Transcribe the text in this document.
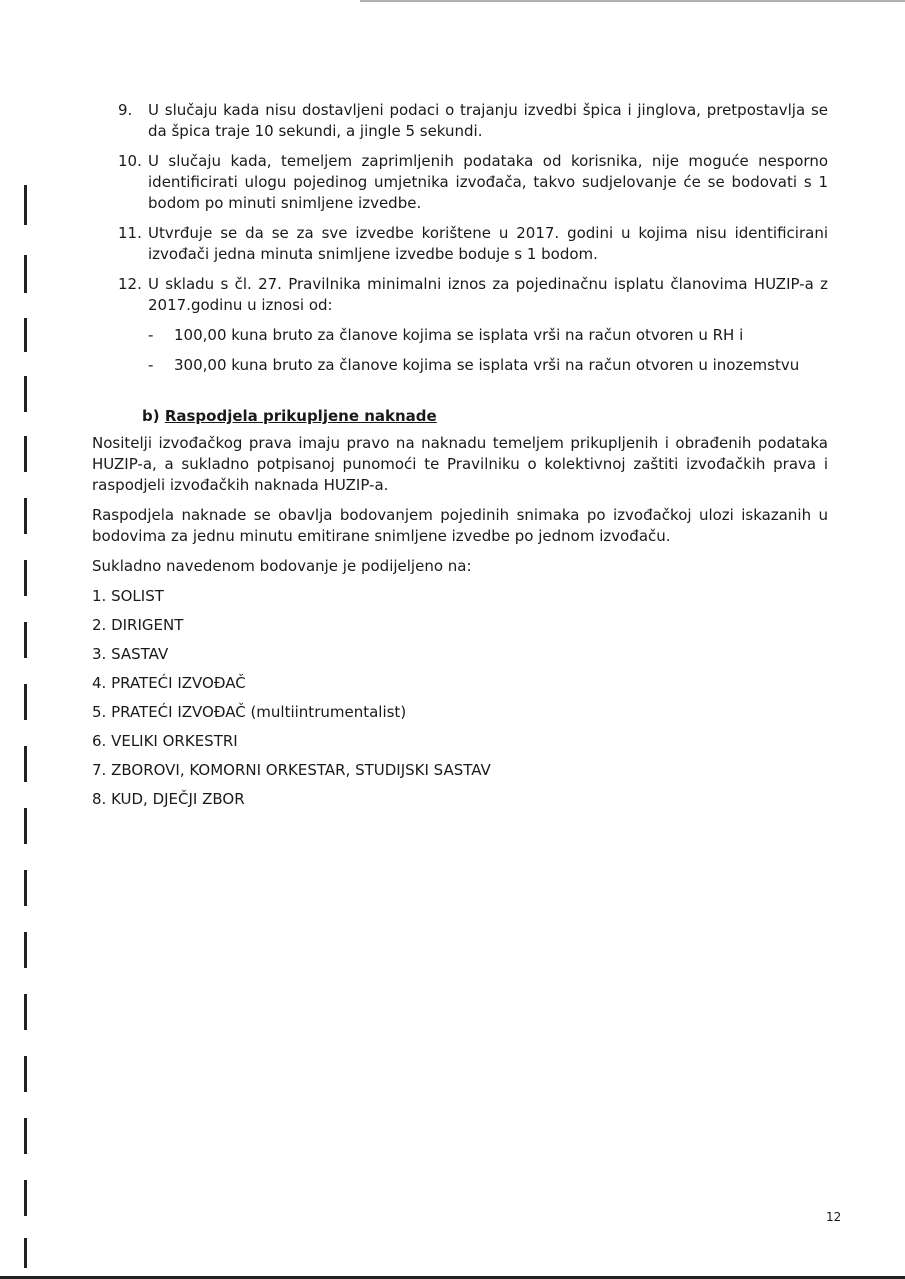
9. U slučaju kada nisu dostavljeni podaci o trajanju izvedbi špica i jinglova, pretpostavlja se da špica traje 10 sekundi, a jingle 5 sekundi.
10. U slučaju kada, temeljem zaprimljenih podataka od korisnika, nije moguće nesporno identificirati ulogu pojedinog umjetnika izvođača, takvo sudjelovanje će se bodovati s 1 bodom po minuti snimljene izvedbe.
11. Utvrđuje se da se za sve izvedbe korištene u 2017. godini u kojima nisu identificirani izvođači jedna minuta snimljene izvedbe boduje s 1 bodom.
12. U skladu s čl. 27. Pravilnika minimalni iznos za pojedinačnu isplatu članovima HUZIP-a z 2017.godinu u iznosi od:
- 100,00 kuna bruto za članove kojima se isplata vrši na račun otvoren u RH i
- 300,00 kuna bruto za članove kojima se isplata vrši na račun otvoren u inozemstvu
b) Raspodjela prikupljene naknade
Nositelji izvođačkog prava imaju pravo na naknadu temeljem prikupljenih i obrađenih podataka HUZIP-a, a sukladno potpisanoj punomoći te Pravilniku o kolektivnoj zaštiti izvođačkih prava i raspodjeli izvođačkih naknada HUZIP-a.
Raspodjela naknade se obavlja bodovanjem pojedinih snimaka po izvođačkoj ulozi iskazanih u bodovima za jednu minutu emitirane snimljene izvedbe po jednom izvođaču.
Sukladno navedenom bodovanje je podijeljeno na:
1. SOLIST
2. DIRIGENT
3. SASTAV
4. PRATEĆI IZVOĐAČ
5. PRATEĆI IZVOĐAČ (multiintrumentalist)
6. VELIKI ORKESTRI
7. ZBOROVI, KOMORNI ORKESTAR, STUDIJSKI SASTAV
8. KUD, DJEČJI ZBOR
12
